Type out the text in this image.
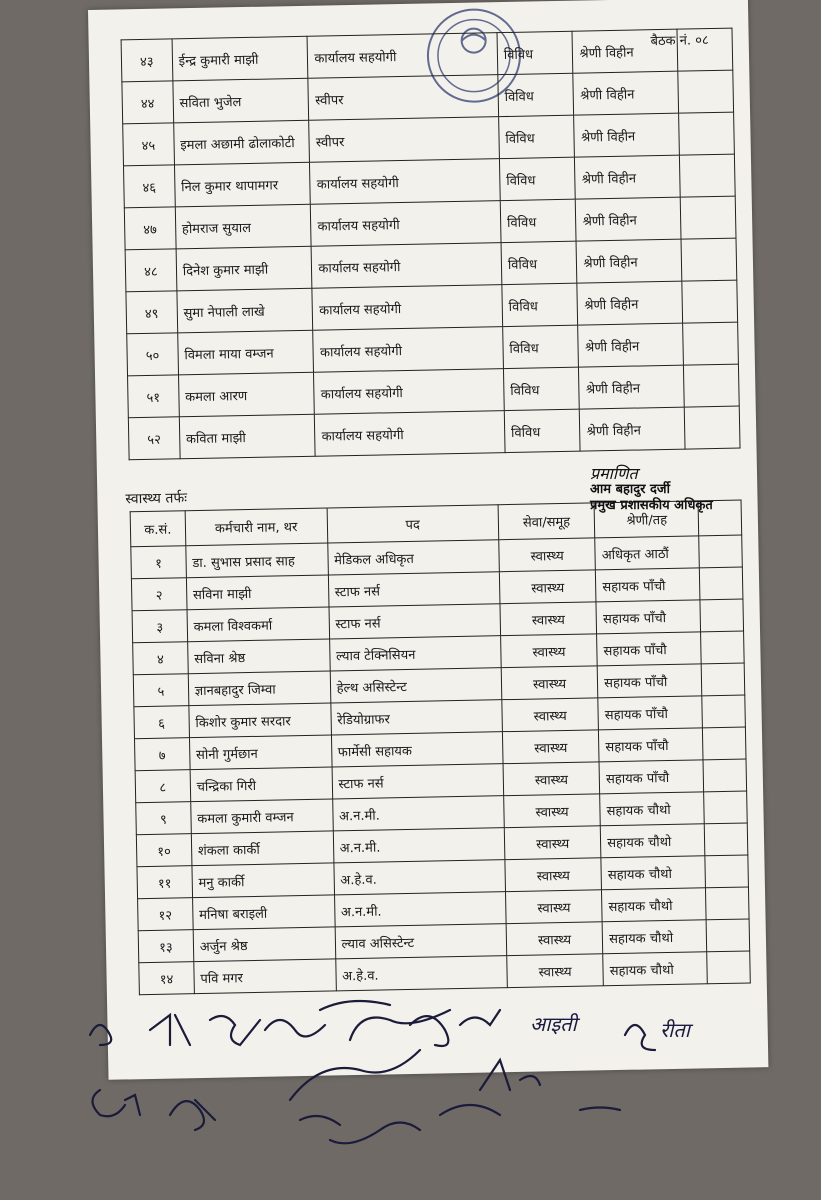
बैठक नं. ०८
४३	ईन्द्र कुमारी माझी	कार्यालय सहयोगी	विविध	श्रेणी विहीन	
४४	सविता भुजेल	स्वीपर	विविध	श्रेणी विहीन	
४५	इमला अछामी ढोलाकोटी	स्वीपर	विविध	श्रेणी विहीन	
४६	निल कुमार थापामगर	कार्यालय सहयोगी	विविध	श्रेणी विहीन	
४७	होमराज सुयाल	कार्यालय सहयोगी	विविध	श्रेणी विहीन	
४८	दिनेश कुमार माझी	कार्यालय सहयोगी	विविध	श्रेणी विहीन	
४९	सुमा नेपाली लाखे	कार्यालय सहयोगी	विविध	श्रेणी विहीन	
५०	विमला माया वम्जन	कार्यालय सहयोगी	विविध	श्रेणी विहीन	
५१	कमला आरण	कार्यालय सहयोगी	विविध	श्रेणी विहीन	
५२	कविता माझी	कार्यालय सहयोगी	विविध	श्रेणी विहीन	
स्वास्थ्य तर्फः
क.सं.	कर्मचारी नाम, थर	पद	सेवा/समूह	श्रेणी/तह	
१	डा. सुभास प्रसाद साह	मेडिकल अधिकृत	स्वास्थ्य	अधिकृत आठौं	
२	सविना माझी	स्टाफ नर्स	स्वास्थ्य	सहायक पाँचौ	
३	कमला विश्वकर्मा	स्टाफ नर्स	स्वास्थ्य	सहायक पाँचौ	
४	सविना श्रेष्ठ	ल्याव टेक्निसियन	स्वास्थ्य	सहायक पाँचौ	
५	ज्ञानबहादुर जिम्वा	हेल्थ असिस्टेन्ट	स्वास्थ्य	सहायक पाँचौ	
६	किशोर कुमार सरदार	रेडियोग्राफर	स्वास्थ्य	सहायक पाँचौ	
७	सोनी गुर्मछान	फार्मेसी सहायक	स्वास्थ्य	सहायक पाँचौ	
८	चन्द्रिका गिरी	स्टाफ नर्स	स्वास्थ्य	सहायक पाँचौ	
९	कमला कुमारी वम्जन	अ.न.मी.	स्वास्थ्य	सहायक चौथो	
१०	शंकला कार्की	अ.न.मी.	स्वास्थ्य	सहायक चौथो	
११	मनु कार्की	अ.हे.व.	स्वास्थ्य	सहायक चौथो	
१२	मनिषा बराइली	अ.न.मी.	स्वास्थ्य	सहायक चौथो	
१३	अर्जुन श्रेष्ठ	ल्याव असिस्टेन्ट	स्वास्थ्य	सहायक चौथो	
१४	पवि मगर	अ.हे.व.	स्वास्थ्य	सहायक चौथो	
प्रमाणित
आम बहादुर दर्जी
प्रमुख प्रशासकीय अधिकृत
आइती	रीता
